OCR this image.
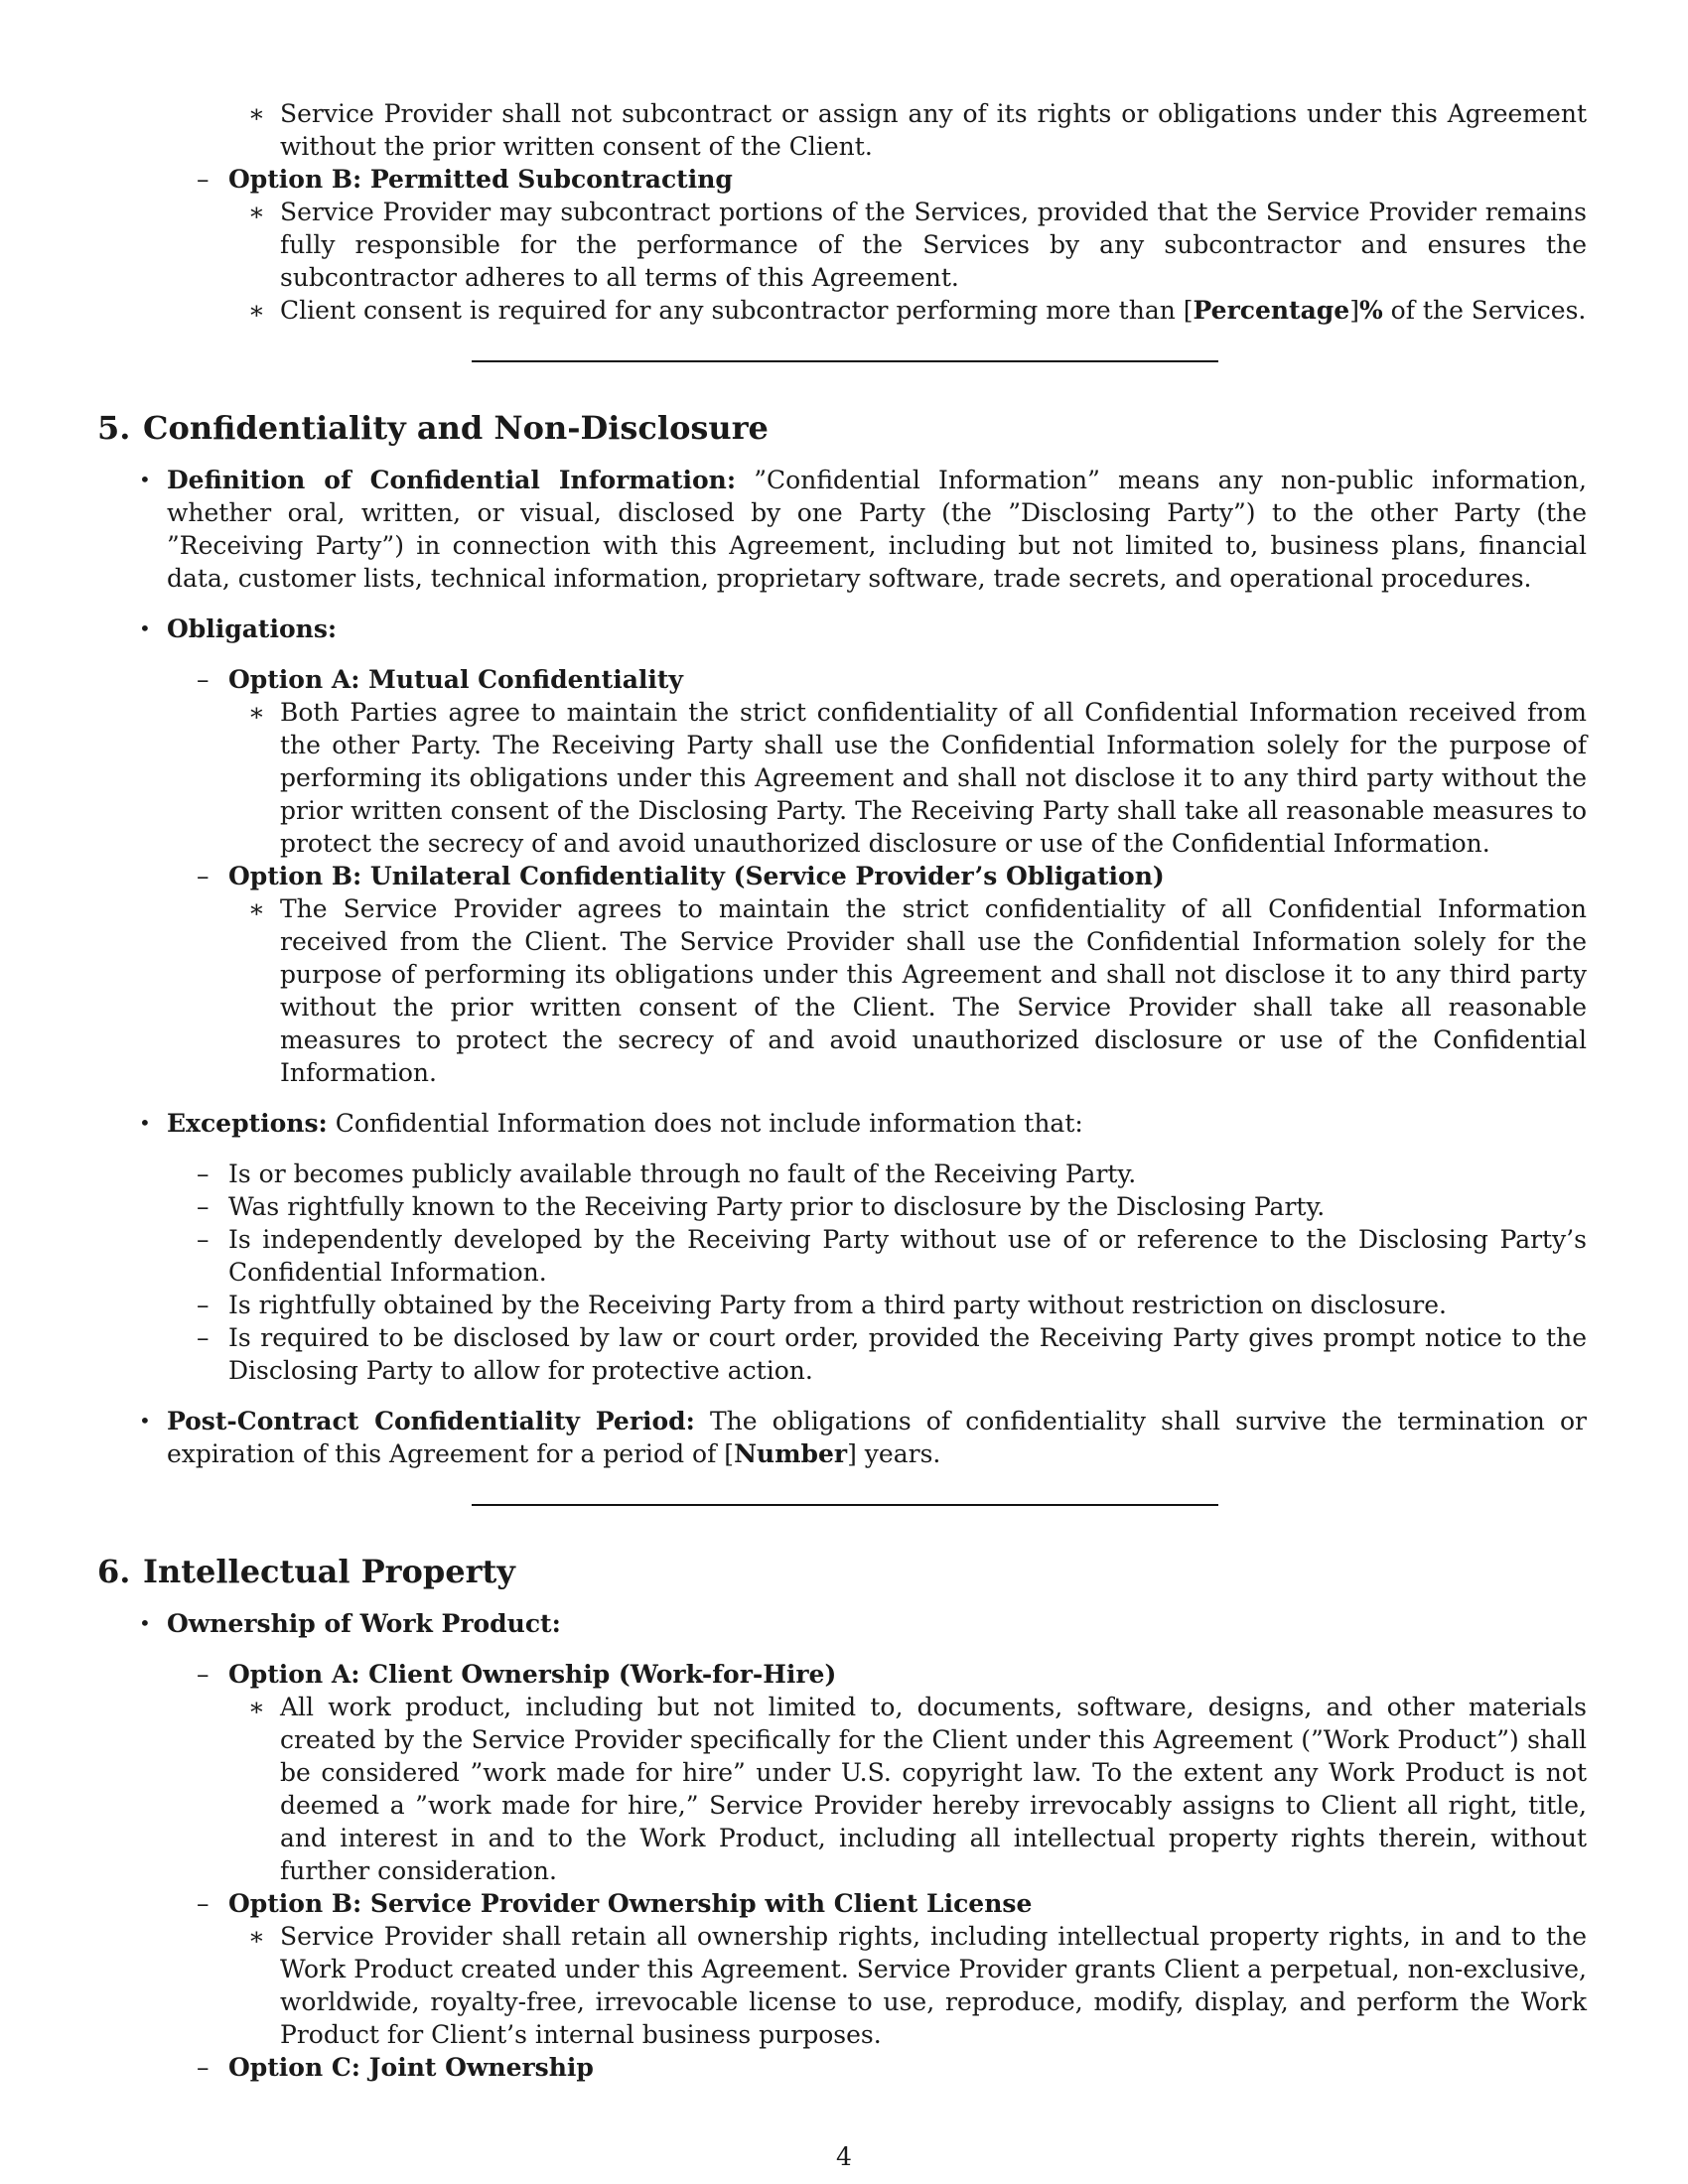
∗ Service Provider shall not subcontract or assign any of its rights or obligations under this Agreement without the prior written consent of the Client.
– Option B: Permitted Subcontracting
∗ Service Provider may subcontract portions of the Services, provided that the Service Provider remains fully responsible for the performance of the Services by any subcontractor and ensures the subcontractor adheres to all terms of this Agreement.
∗ Client consent is required for any subcontractor performing more than [Percentage]% of the Services.
5. Confidentiality and Non-Disclosure
• Definition of Confidential Information: ”Confidential Information” means any non-public information, whether oral, written, or visual, disclosed by one Party (the ”Disclosing Party”) to the other Party (the ”Receiving Party”) in connection with this Agreement, including but not limited to, business plans, financial data, customer lists, technical information, proprietary software, trade secrets, and operational procedures.
• Obligations:
– Option A: Mutual Confidentiality
∗ Both Parties agree to maintain the strict confidentiality of all Confidential Information received from the other Party. The Receiving Party shall use the Confidential Information solely for the purpose of performing its obligations under this Agreement and shall not disclose it to any third party without the prior written consent of the Disclosing Party. The Receiving Party shall take all reasonable measures to protect the secrecy of and avoid unauthorized disclosure or use of the Confidential Information.
– Option B: Unilateral Confidentiality (Service Provider’s Obligation)
∗ The Service Provider agrees to maintain the strict confidentiality of all Confidential Information received from the Client. The Service Provider shall use the Confidential Information solely for the purpose of performing its obligations under this Agreement and shall not disclose it to any third party without the prior written consent of the Client. The Service Provider shall take all reasonable measures to protect the secrecy of and avoid unauthorized disclosure or use of the Confidential Information.
• Exceptions: Confidential Information does not include information that:
– Is or becomes publicly available through no fault of the Receiving Party.
– Was rightfully known to the Receiving Party prior to disclosure by the Disclosing Party.
– Is independently developed by the Receiving Party without use of or reference to the Disclosing Party’s Confidential Information.
– Is rightfully obtained by the Receiving Party from a third party without restriction on disclosure.
– Is required to be disclosed by law or court order, provided the Receiving Party gives prompt notice to the Disclosing Party to allow for protective action.
• Post-Contract Confidentiality Period: The obligations of confidentiality shall survive the termination or expiration of this Agreement for a period of [Number] years.
6. Intellectual Property
• Ownership of Work Product:
– Option A: Client Ownership (Work-for-Hire)
∗ All work product, including but not limited to, documents, software, designs, and other materials created by the Service Provider specifically for the Client under this Agreement (”Work Product”) shall be considered ”work made for hire” under U.S. copyright law. To the extent any Work Product is not deemed a ”work made for hire,” Service Provider hereby irrevocably assigns to Client all right, title, and interest in and to the Work Product, including all intellectual property rights therein, without further consideration.
– Option B: Service Provider Ownership with Client License
∗ Service Provider shall retain all ownership rights, including intellectual property rights, in and to the Work Product created under this Agreement. Service Provider grants Client a perpetual, non-exclusive, worldwide, royalty-free, irrevocable license to use, reproduce, modify, display, and perform the Work Product for Client’s internal business purposes.
– Option C: Joint Ownership
4
